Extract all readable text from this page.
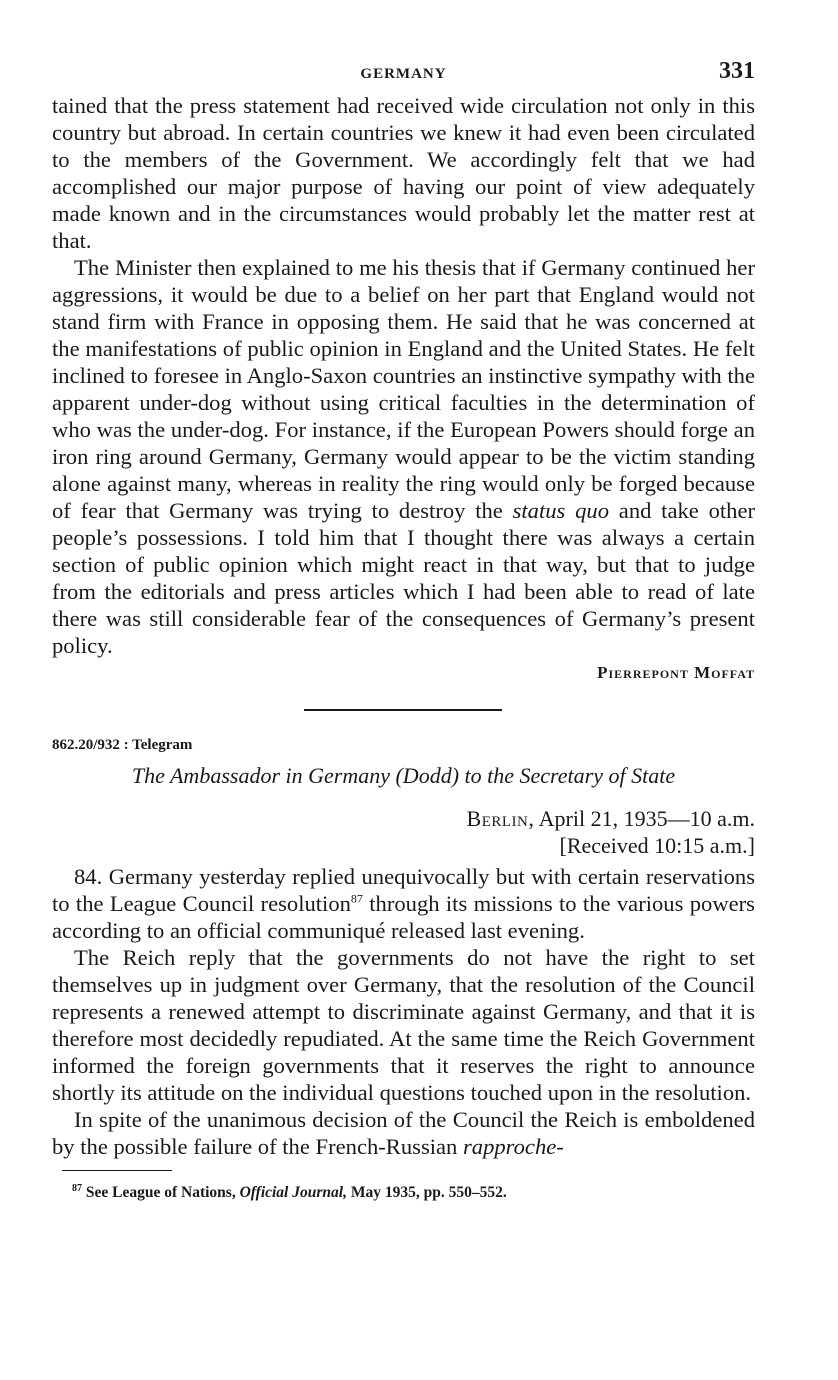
GERMANY	331

tained that the press statement had received wide circulation not only in this country but abroad. In certain countries we knew it had even been circulated to the members of the Government. We accordingly felt that we had accomplished our major purpose of having our point of view adequately made known and in the circumstances would probably let the matter rest at that.

The Minister then explained to me his thesis that if Germany continued her aggressions, it would be due to a belief on her part that England would not stand firm with France in opposing them. He said that he was concerned at the manifestations of public opinion in England and the United States. He felt inclined to foresee in Anglo-Saxon countries an instinctive sympathy with the apparent under-dog without using critical faculties in the determination of who was the under-dog. For instance, if the European Powers should forge an iron ring around Germany, Germany would appear to be the victim standing alone against many, whereas in reality the ring would only be forged because of fear that Germany was trying to destroy the status quo and take other people’s possessions. I told him that I thought there was always a certain section of public opinion which might react in that way, but that to judge from the editorials and press articles which I had been able to read of late there was still considerable fear of the consequences of Germany’s present policy.

Pierrepont Moffat
862.20/932 : Telegram
The Ambassador in Germany (Dodd) to the Secretary of State
Berlin, April 21, 1935—10 a.m.
[Received 10:15 a.m.]

84. Germany yesterday replied unequivocally but with certain reservations to the League Council resolution$^{87}$ through its missions to the various powers according to an official communiqué released last evening.

The Reich reply that the governments do not have the right to set themselves up in judgment over Germany, that the resolution of the Council represents a renewed attempt to discriminate against Germany, and that it is therefore most decidedly repudiated. At the same time the Reich Government informed the foreign governments that it reserves the right to announce shortly its attitude on the individual questions touched upon in the resolution.

In spite of the unanimous decision of the Council the Reich is emboldened by the possible failure of the French-Russian rapproche-

$^{87}$ See League of Nations, Official Journal, May 1935, pp. 550–552.
